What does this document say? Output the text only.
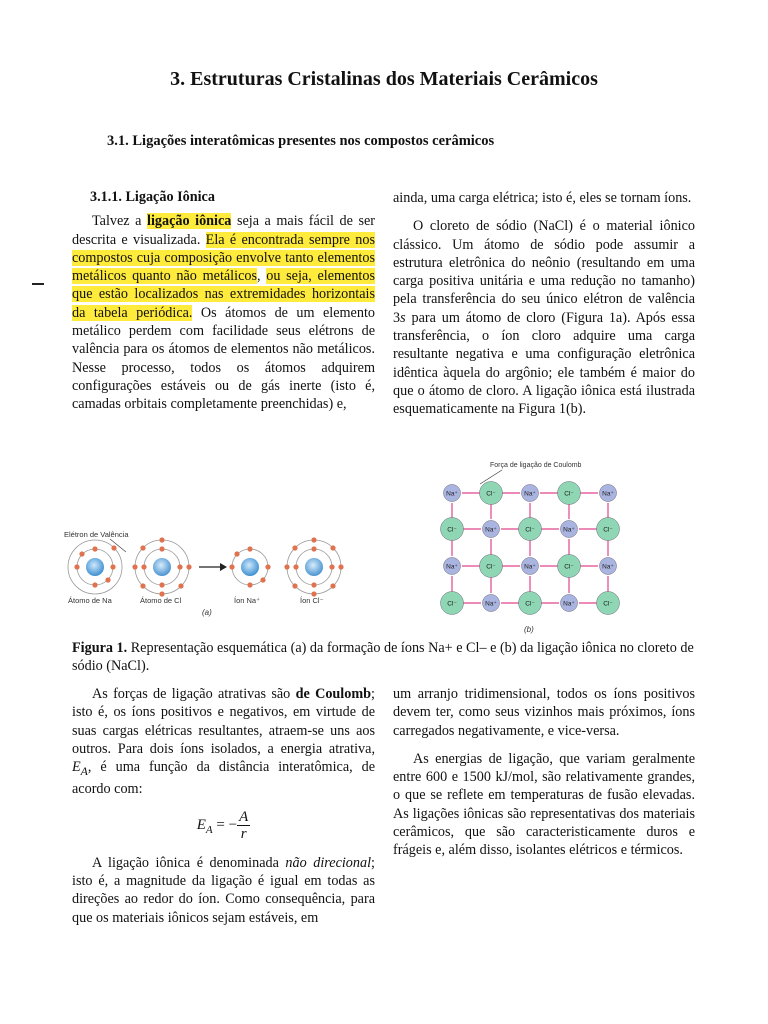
3. Estruturas Cristalinas dos Materiais Cerâmicos
3.1. Ligações interatômicas presentes nos compostos cerâmicos

3.1.1. Ligação Iônica

Talvez a ligação iônica seja a mais fácil de ser descrita e visualizada. Ela é encontrada sempre nos compostos cuja composição envolve tanto elementos metálicos quanto não metálicos, ou seja, elementos que estão localizados nas extremidades horizontais da tabela periódica. Os átomos de um elemento metálico perdem com facilidade seus elétrons de valência para os átomos de elementos não metálicos. Nesse processo, todos os átomos adquirem configurações estáveis ou de gás inerte (isto é, camadas orbitais completamente preenchidas) e,

ainda, uma carga elétrica; isto é, eles se tornam íons.

O cloreto de sódio (NaCl) é o material iônico clássico. Um átomo de sódio pode assumir a estrutura eletrônica do neônio (resultando em uma carga positiva unitária e uma redução no tamanho) pela transferência do seu único elétron de valência 3s para um átomo de cloro (Figura 1a). Após essa transferência, o íon cloro adquire uma carga resultante negativa e uma configuração eletrônica idêntica àquela do argônio; ele também é maior do que o átomo de cloro. A ligação iônica está ilustrada esquematicamente na Figura 1(b).

Elétron de Valência
Átomo de Na	Átomo de Cl	Íon Na⁺	Íon Cl⁻
(a)
Força de ligação de Coulomb
Na⁺	Cl⁻	Na⁺	Cl⁻	Na⁺
Cl⁻	Na⁺	Cl⁻	Na⁺	Cl⁻
Na⁺	Cl⁻	Na⁺	Cl⁻	Na⁺
Cl⁻	Na⁺	Cl⁻	Na⁺	Cl⁻
(b)
Figura 1. Representação esquemática (a) da formação de íons Na+ e Cl– e (b) da ligação iônica no cloreto de sódio (NaCl).

As forças de ligação atrativas são de Coulomb; isto é, os íons positivos e negativos, em virtude de suas cargas elétricas resultantes, atraem-se uns aos outros. Para dois íons isolados, a energia atrativa, $E_A$, é uma função da distância interatômica, de acordo com:

$E_A$ = − $\frac{A}{r}$

A ligação iônica é denominada não direcional; isto é, a magnitude da ligação é igual em todas as direções ao redor do íon. Como consequência, para que os materiais iônicos sejam estáveis, em

um arranjo tridimensional, todos os íons positivos devem ter, como seus vizinhos mais próximos, íons carregados negativamente, e vice-versa.

As energias de ligação, que variam geralmente entre 600 e 1500 kJ/mol, são relativamente grandes, o que se reflete em temperaturas de fusão elevadas. As ligações iônicas são representativas dos materiais cerâmicos, que são caracteristicamente duros e frágeis e, além disso, isolantes elétricos e térmicos.
